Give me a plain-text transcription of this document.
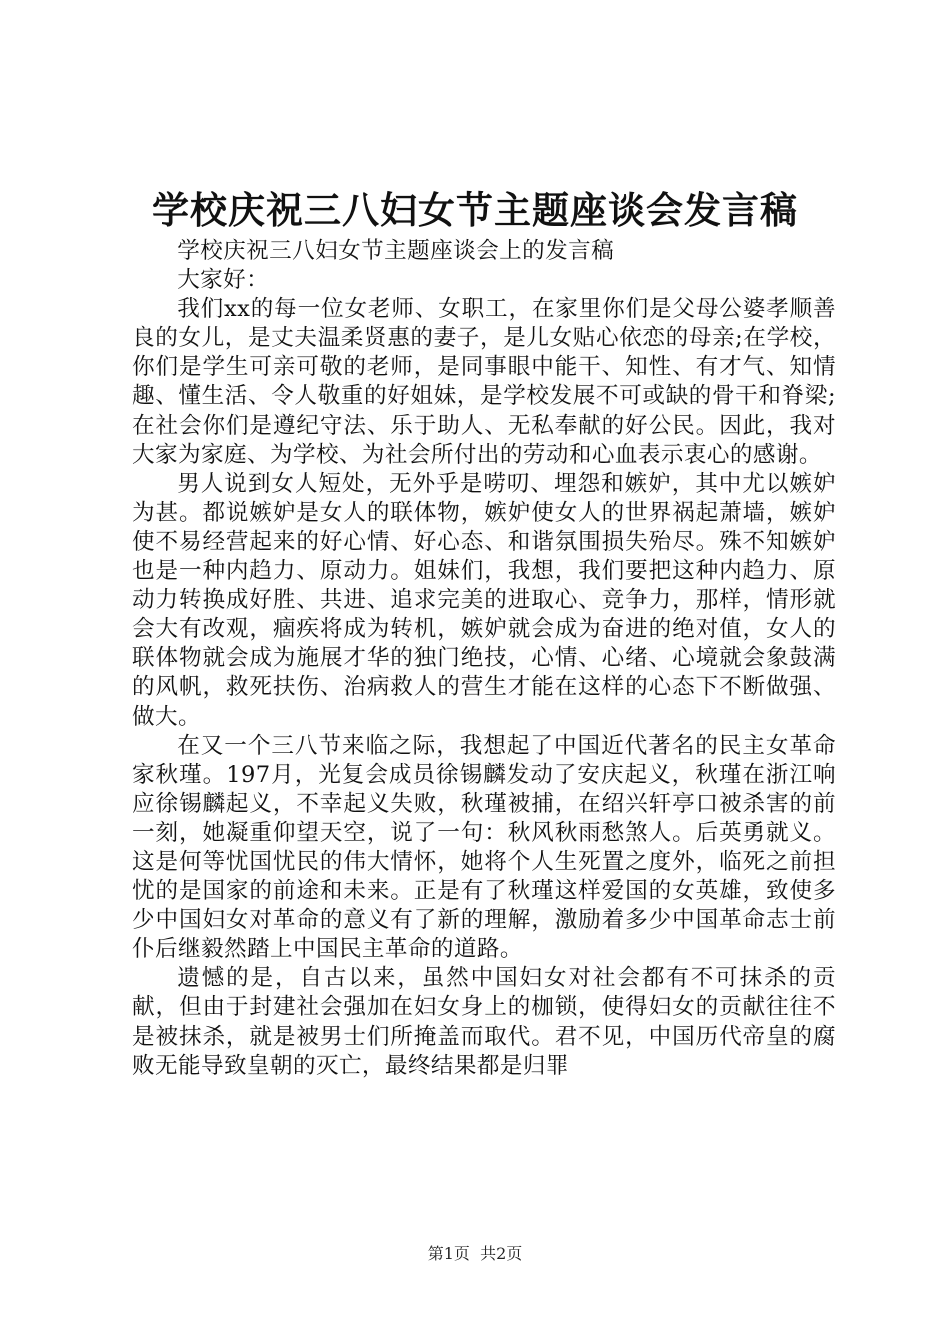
学校庆祝三八妇女节主题座谈会发言稿

学校庆祝三八妇女节主题座谈会上的发言稿

大家好：

我们xx的每一位女老师、女职工，在家里你们是父母公婆孝顺善良的女儿，是丈夫温柔贤惠的妻子，是儿女贴心依恋的母亲;在学校，你们是学生可亲可敬的老师，是同事眼中能干、知性、有才气、知情趣、懂生活、令人敬重的好姐妹，是学校发展不可或缺的骨干和脊梁;在社会你们是遵纪守法、乐于助人、无私奉献的好公民。因此，我对大家为家庭、为学校、为社会所付出的劳动和心血表示衷心的感谢。

男人说到女人短处，无外乎是唠叨、埋怨和嫉妒，其中尤以嫉妒为甚。都说嫉妒是女人的联体物，嫉妒使女人的世界祸起萧墙，嫉妒使不易经营起来的好心情、好心态、和谐氛围损失殆尽。殊不知嫉妒也是一种内趋力、原动力。姐妹们，我想，我们要把这种内趋力、原动力转换成好胜、共进、追求完美的进取心、竞争力，那样，情形就会大有改观，痼疾将成为转机，嫉妒就会成为奋进的绝对值，女人的联体物就会成为施展才华的独门绝技，心情、心绪、心境就会象鼓满的风帆，救死扶伤、治病救人的营生才能在这样的心态下不断做强、做大。

在又一个三八节来临之际，我想起了中国近代著名的民主女革命家秋瑾。197月，光复会成员徐锡麟发动了安庆起义，秋瑾在浙江响应徐锡麟起义，不幸起义失败，秋瑾被捕，在绍兴轩亭口被杀害的前一刻，她凝重仰望天空，说了一句：秋风秋雨愁煞人。后英勇就义。这是何等忧国忧民的伟大情怀，她将个人生死置之度外，临死之前担忧的是国家的前途和未来。正是有了秋瑾这样爱国的女英雄，致使多少中国妇女对革命的意义有了新的理解，激励着多少中国革命志士前仆后继毅然踏上中国民主革命的道路。

遗憾的是，自古以来，虽然中国妇女对社会都有不可抹杀的贡献，但由于封建社会强加在妇女身上的枷锁，使得妇女的贡献往往不是被抹杀，就是被男士们所掩盖而取代。君不见，中国历代帝皇的腐败无能导致皇朝的灭亡，最终结果都是归罪

第1页  共2页
